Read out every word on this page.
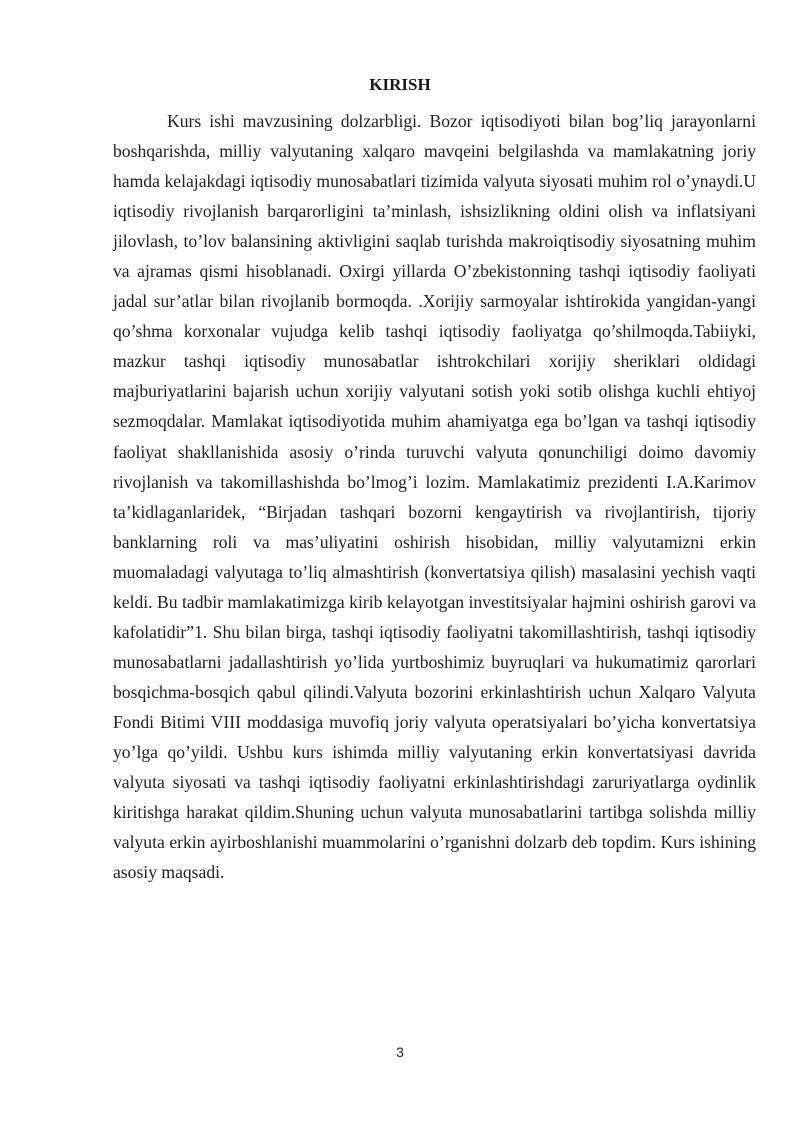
KIRISH

Kurs ishi mavzusining dolzarbligi. Bozor iqtisodiyoti bilan bog’liq jarayonlarni boshqarishda, milliy valyutaning xalqaro mavqeini belgilashda va mamlakatning joriy hamda kelajakdagi iqtisodiy munosabatlari tizimida valyuta siyosati muhim rol o’ynaydi.U iqtisodiy rivojlanish barqarorligini ta’minlash, ishsizlikning oldini olish va inflatsiyani jilovlash, to’lov balansining aktivligini saqlab turishda makroiqtisodiy siyosatning muhim va ajramas qismi hisoblanadi. Oxirgi yillarda O’zbekistonning tashqi iqtisodiy faoliyati jadal sur’atlar bilan rivojlanib bormoqda. .Xorijiy sarmoyalar ishtirokida yangidan-yangi qo’shma korxonalar vujudga kelib tashqi iqtisodiy faoliyatga qo’shilmoqda.Tabiiyki, mazkur tashqi iqtisodiy munosabatlar ishtrokchilari xorijiy sheriklari oldidagi majburiyatlarini bajarish uchun xorijiy valyutani sotish yoki sotib olishga kuchli ehtiyoj sezmoqdalar. Mamlakat iqtisodiyotida muhim ahamiyatga ega bo’lgan va tashqi iqtisodiy faoliyat shakllanishida asosiy o’rinda turuvchi valyuta qonunchiligi doimo davomiy rivojlanish va takomillashishda bo’lmog’i lozim. Mamlakatimiz prezidenti I.A.Karimov ta’kidlaganlaridek, “Birjadan tashqari bozorni kengaytirish va rivojlantirish, tijoriy banklarning roli va mas’uliyatini oshirish hisobidan, milliy valyutamizni erkin muomaladagi valyutaga to’liq almashtirish (konvertatsiya qilish) masalasini yechish vaqti keldi. Bu tadbir mamlakatimizga kirib kelayotgan investitsiyalar hajmini oshirish garovi va kafolatidir”1. Shu bilan birga, tashqi iqtisodiy faoliyatni takomillashtirish, tashqi iqtisodiy munosabatlarni jadallashtirish yo’lida yurtboshimiz buyruqlari va hukumatimiz qarorlari bosqichma-bosqich qabul qilindi.Valyuta bozorini erkinlashtirish uchun Xalqaro Valyuta Fondi Bitimi VIII moddasiga muvofiq joriy valyuta operatsiyalari bo’yicha konvertatsiya yo’lga qo’yildi. Ushbu kurs ishimda milliy valyutaning erkin konvertatsiyasi davrida valyuta siyosati va tashqi iqtisodiy faoliyatni erkinlashtirishdagi zaruriyatlarga oydinlik kiritishga harakat qildim.Shuning uchun valyuta munosabatlarini tartibga solishda milliy valyuta erkin ayirboshlanishi muammolarini o’rganishni dolzarb deb topdim. Kurs ishining asosiy maqsadi.

3
